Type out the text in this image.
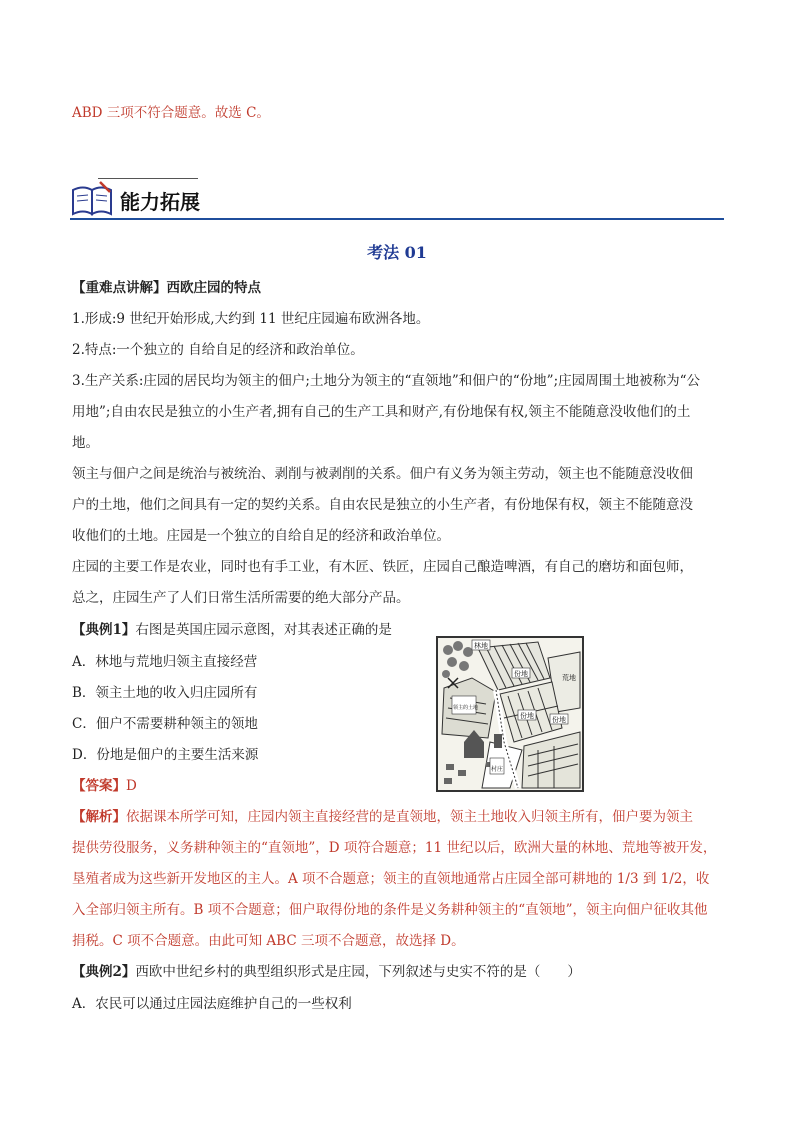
ABD 三项不符合题意。故选 C。
能力拓展
考法 01
【重难点讲解】西欧庄园的特点
1.形成:9 世纪开始形成,大约到 11 世纪庄园遍布欧洲各地。
2.特点:一个独立的 自给自足的经济和政治单位。
3.生产关系:庄园的居民均为领主的佃户;土地分为领主的“直领地”和佃户的“份地”;庄园周围土地被称为“公
用地”;自由农民是独立的小生产者,拥有自己的生产工具和财产,有份地保有权,领主不能随意没收他们的土
地。
领主与佃户之间是统治与被统治、剥削与被剥削的关系。佃户有义务为领主劳动，领主也不能随意没收佃
户的土地，他们之间具有一定的契约关系。自由农民是独立的小生产者，有份地保有权，领主不能随意没
收他们的土地。庄园是一个独立的自给自足的经济和政治单位。
庄园的主要工作是农业，同时也有手工业，有木匠、铁匠，庄园自己酿造啤酒，有自己的磨坊和面包师，
总之，庄园生产了人们日常生活所需要的绝大部分产品。
【典例1】右图是英国庄园示意图，对其表述正确的是
A．林地与荒地归领主直接经营
B．领主土地的收入归庄园所有
C．佃户不需要耕种领主的领地
D．份地是佃户的主要生活来源
林地
份地	荒地
领主的土地
份地	份地
村庄
【答案】D
【解析】依据课本所学可知，庄园内领主直接经营的是直领地，领主土地收入归领主所有，佃户要为领主
提供劳役服务，义务耕种领主的“直领地”，D 项符合题意；11 世纪以后，欧洲大量的林地、荒地等被开发，
垦殖者成为这些新开发地区的主人。A 项不合题意；领主的直领地通常占庄园全部可耕地的 1/3 到 1/2，收
入全部归领主所有。B 项不合题意；佃户取得份地的条件是义务耕种领主的“直领地”，领主向佃户征收其他
捐税。C 项不合题意。由此可知 ABC 三项不合题意，故选择 D。
【典例2】西欧中世纪乡村的典型组织形式是庄园，下列叙述与史实不符的是（　　）
A．农民可以通过庄园法庭维护自己的一些权利
